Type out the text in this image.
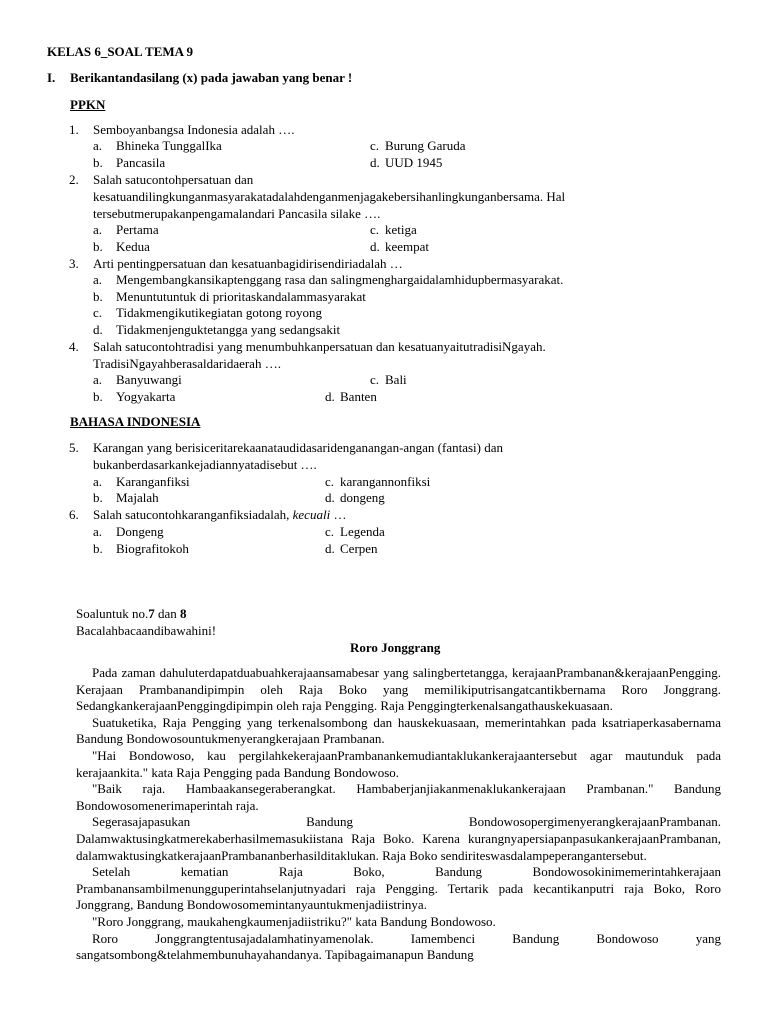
KELAS 6_SOAL TEMA 9
I. Berikantandasilang (x) pada jawaban yang benar !
PPKN
1. Semboyanbangsa Indonesia adalah ….
a. Bhineka TunggalIka	c. Burung Garuda
b. Pancasila	d. UUD 1945
2. Salah satucontohpersatuan dan
kesatuandilingkunganmasyarakatadalahdenganmenjagakebersihanlingkunganbersama. Hal
tersebutmerupakanpengamalandari Pancasila silake ….
a. Pertama	c. ketiga
b. Kedua	d. keempat
3. Arti pentingpersatuan dan kesatuanbagidirisendiriadalah …
a. Mengembangkansikaptenggang rasa dan salingmenghargaidalamhidupbermasyarakat.
b. Menuntutuntuk di prioritaskandalammasyarakat
c. Tidakmengikutikegiatan gotong royong
d. Tidakmenjenguktetangga yang sedangsakit
4. Salah satucontohtradisi yang menumbuhkanpersatuan dan kesatuanyaitutradisiNgayah.
TradisiNgayahberasaldaridaerah ….
a. Banyuwangi	c. Bali
b. Yogyakarta	d. Banten
BAHASA INDONESIA
5. Karangan yang berisiceritarekaanataudidasaridenganangan-angan (fantasi) dan
bukanberdasarkankejadiannyatadisebut ….
a. Karanganfiksi	c. karangannonfiksi
b. Majalah	d. dongeng
6. Salah satucontohkaranganfiksiadalah, kecuali …
a. Dongeng	c. Legenda
b. Biografitokoh	d. Cerpen
Soaluntuk no.7 dan 8
Bacalahbacaandibawahini!
Roro Jonggrang

Pada zaman dahuluterdapatduabuahkerajaansamabesar yang salingbertetangga, kerajaanPrambanan&kerajaanPengging. Kerajaan Prambanandipimpin oleh Raja Boko yang memilikiputrisangatcantikbernama Roro Jonggrang. SedangkankerajaanPenggingdipimpin oleh raja Pengging. Raja Penggingterkenalsangathauskekuasaan.

Suatuketika, Raja Pengging yang terkenalsombong dan hauskekuasaan, memerintahkan pada ksatriaperkasabernama Bandung Bondowosountukmenyerangkerajaan Prambanan.

"Hai Bondowoso, kau pergilahkekerajaanPrambanankemudiantaklukankerajaantersebut agar mautunduk pada kerajaankita." kata Raja Pengging pada Bandung Bondowoso.

"Baik raja. Hambaakansegeraberangkat. Hambaberjanjiakanmenaklukankerajaan Prambanan." Bandung Bondowosomenerimaperintah raja.

Segerasajapasukan Bandung BondowosopergimenyerangkerajaanPrambanan. Dalamwaktusingkatmerekaberhasilmemasukiistana Raja Boko. Karena kurangnyapersiapanpasukankerajaanPrambanan, dalamwaktusingkatkerajaanPrambananberhasilditaklukan. Raja Boko sendiriteswasdalampeperangantersebut.

Setelah kematian Raja Boko, Bandung Bondowosokinimemerintahkerajaan Prambanansambilmenungguperintahselanjutnyadari raja Pengging. Tertarik pada kecantikanputri raja Boko, Roro Jonggrang, Bandung Bondowosomemintanyauntukmenjadiistrinya.

"Roro Jonggrang, maukahengkaumenjadiistriku?" kata Bandung Bondowoso.

Roro Jonggrangtentusajadalamhatinyamenolak. Iamembenci Bandung Bondowoso yang sangatsombong&telahmembunuhayahandanya. Tapibagaimanapun Bandung
